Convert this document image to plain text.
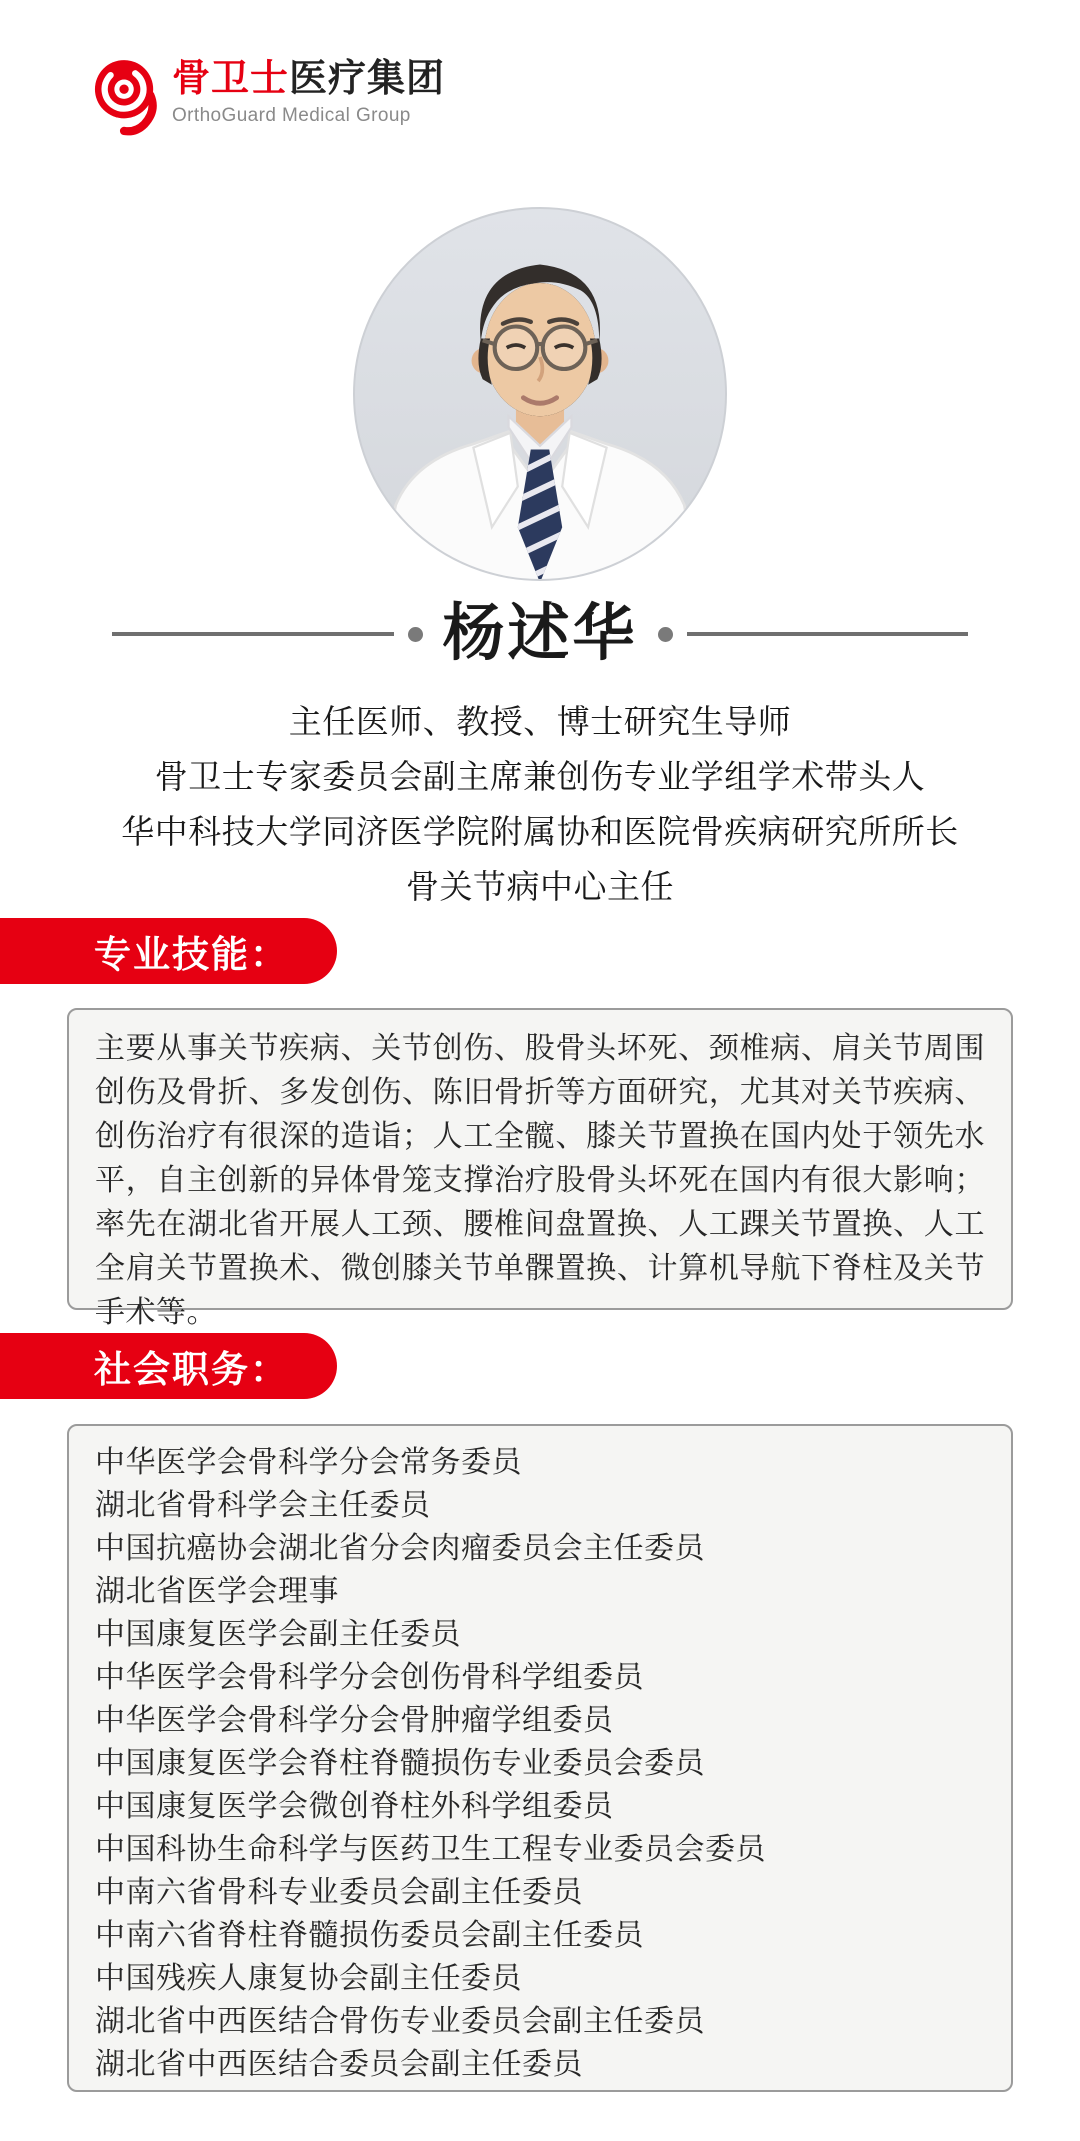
骨卫士医疗集团
OrthoGuard Medical Group
杨述华
主任医师、教授、博士研究生导师
骨卫士专家委员会副主席兼创伤专业学组学术带头人
华中科技大学同济医学院附属协和医院骨疾病研究所所长
骨关节病中心主任
专业技能：
主要从事关节疾病、关节创伤、股骨头坏死、颈椎病、肩关节周围创伤及骨折、多发创伤、陈旧骨折等方面研究，尤其对关节疾病、创伤治疗有很深的造诣；人工全髋、膝关节置换在国内处于领先水平，自主创新的异体骨笼支撑治疗股骨头坏死在国内有很大影响；率先在湖北省开展人工颈、腰椎间盘置换、人工踝关节置换、人工全肩关节置换术、微创膝关节单髁置换、计算机导航下脊柱及关节手术等。
社会职务：
中华医学会骨科学分会常务委员
湖北省骨科学会主任委员
中国抗癌协会湖北省分会肉瘤委员会主任委员
湖北省医学会理事
中国康复医学会副主任委员
中华医学会骨科学分会创伤骨科学组委员
中华医学会骨科学分会骨肿瘤学组委员
中国康复医学会脊柱脊髓损伤专业委员会委员
中国康复医学会微创脊柱外科学组委员
中国科协生命科学与医药卫生工程专业委员会委员
中南六省骨科专业委员会副主任委员
中南六省脊柱脊髓损伤委员会副主任委员
中国残疾人康复协会副主任委员
湖北省中西医结合骨伤专业委员会副主任委员
湖北省中西医结合委员会副主任委员
